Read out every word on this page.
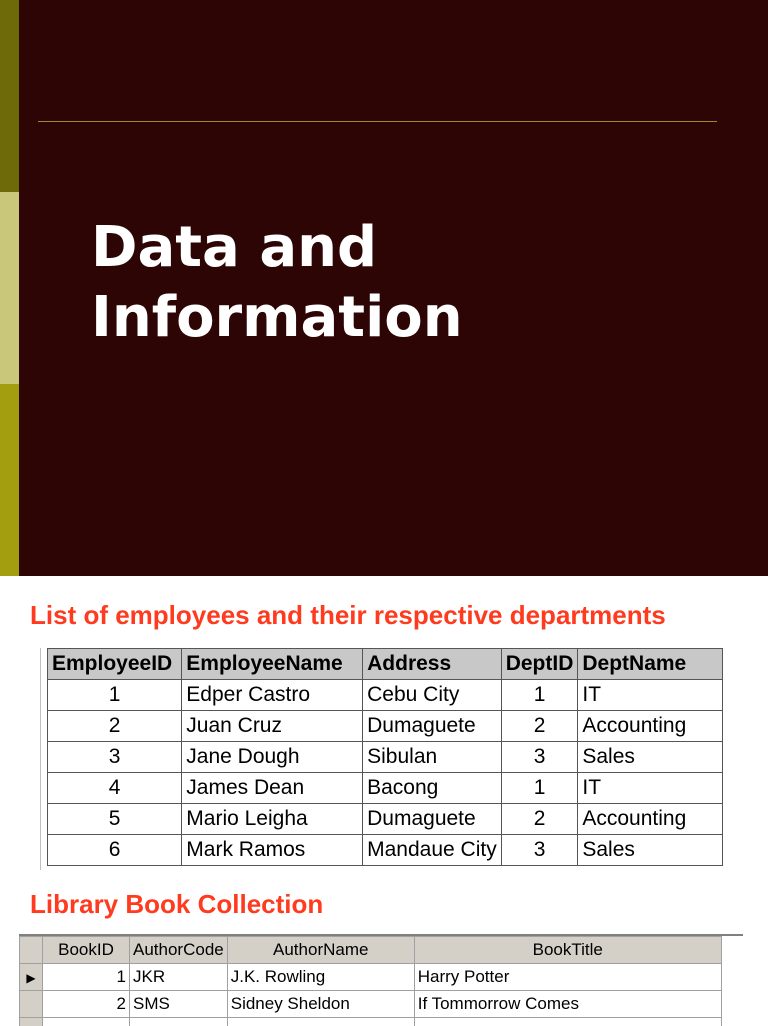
Data and
Information

List of employees and their respective departments

EmployeeID	EmployeeName	Address	DeptID	DeptName
1	Edper Castro	Cebu City	1	IT
2	Juan Cruz	Dumaguete	2	Accounting
3	Jane Dough	Sibulan	3	Sales
4	James Dean	Bacong	1	IT
5	Mario Leigha	Dumaguete	2	Accounting
6	Mark Ramos	Mandaue City	3	Sales

Library Book Collection

	BookID	AuthorCode	AuthorName	BookTitle
▶	1	JKR	J.K. Rowling	Harry Potter
	2	SMS	Sidney Sheldon	If Tommorrow Comes
